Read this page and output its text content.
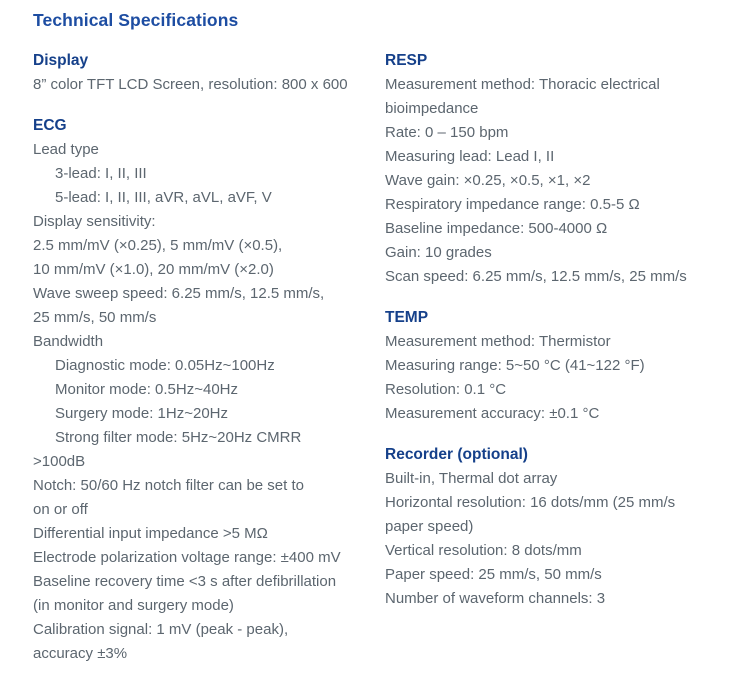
Technical Specifications
Display
8” color TFT LCD Screen, resolution: 800 x 600
ECG
Lead type
3-lead: I, II, III
5-lead: I, II, III, aVR, aVL, aVF, V
Display sensitivity:
2.5 mm/mV (×0.25), 5 mm/mV (×0.5),
10 mm/mV (×1.0), 20 mm/mV (×2.0)
Wave sweep speed: 6.25 mm/s, 12.5 mm/s,
25 mm/s, 50 mm/s
Bandwidth
Diagnostic mode: 0.05Hz~100Hz
Monitor mode: 0.5Hz~40Hz
Surgery mode: 1Hz~20Hz
Strong filter mode: 5Hz~20Hz CMRR
>100dB
Notch: 50/60 Hz notch filter can be set to
on or off
Differential input impedance >5 MΩ
Electrode polarization voltage range: ±400 mV
Baseline recovery time <3 s after defibrillation
(in monitor and surgery mode)
Calibration signal: 1 mV (peak - peak),
accuracy ±3%
RESP
Measurement method: Thoracic electrical
bioimpedance
Rate: 0 – 150 bpm
Measuring lead: Lead I, II
Wave gain: ×0.25, ×0.5, ×1, ×2
Respiratory impedance range: 0.5-5 Ω
Baseline impedance: 500-4000 Ω
Gain: 10 grades
Scan speed: 6.25 mm/s, 12.5 mm/s, 25 mm/s
TEMP
Measurement method: Thermistor
Measuring range: 5~50 °C (41~122 °F)
Resolution: 0.1 °C
Measurement accuracy: ±0.1 °C
Recorder (optional)
Built-in, Thermal dot array
Horizontal resolution: 16 dots/mm (25 mm/s
paper speed)
Vertical resolution: 8 dots/mm
Paper speed: 25 mm/s, 50 mm/s
Number of waveform channels: 3
